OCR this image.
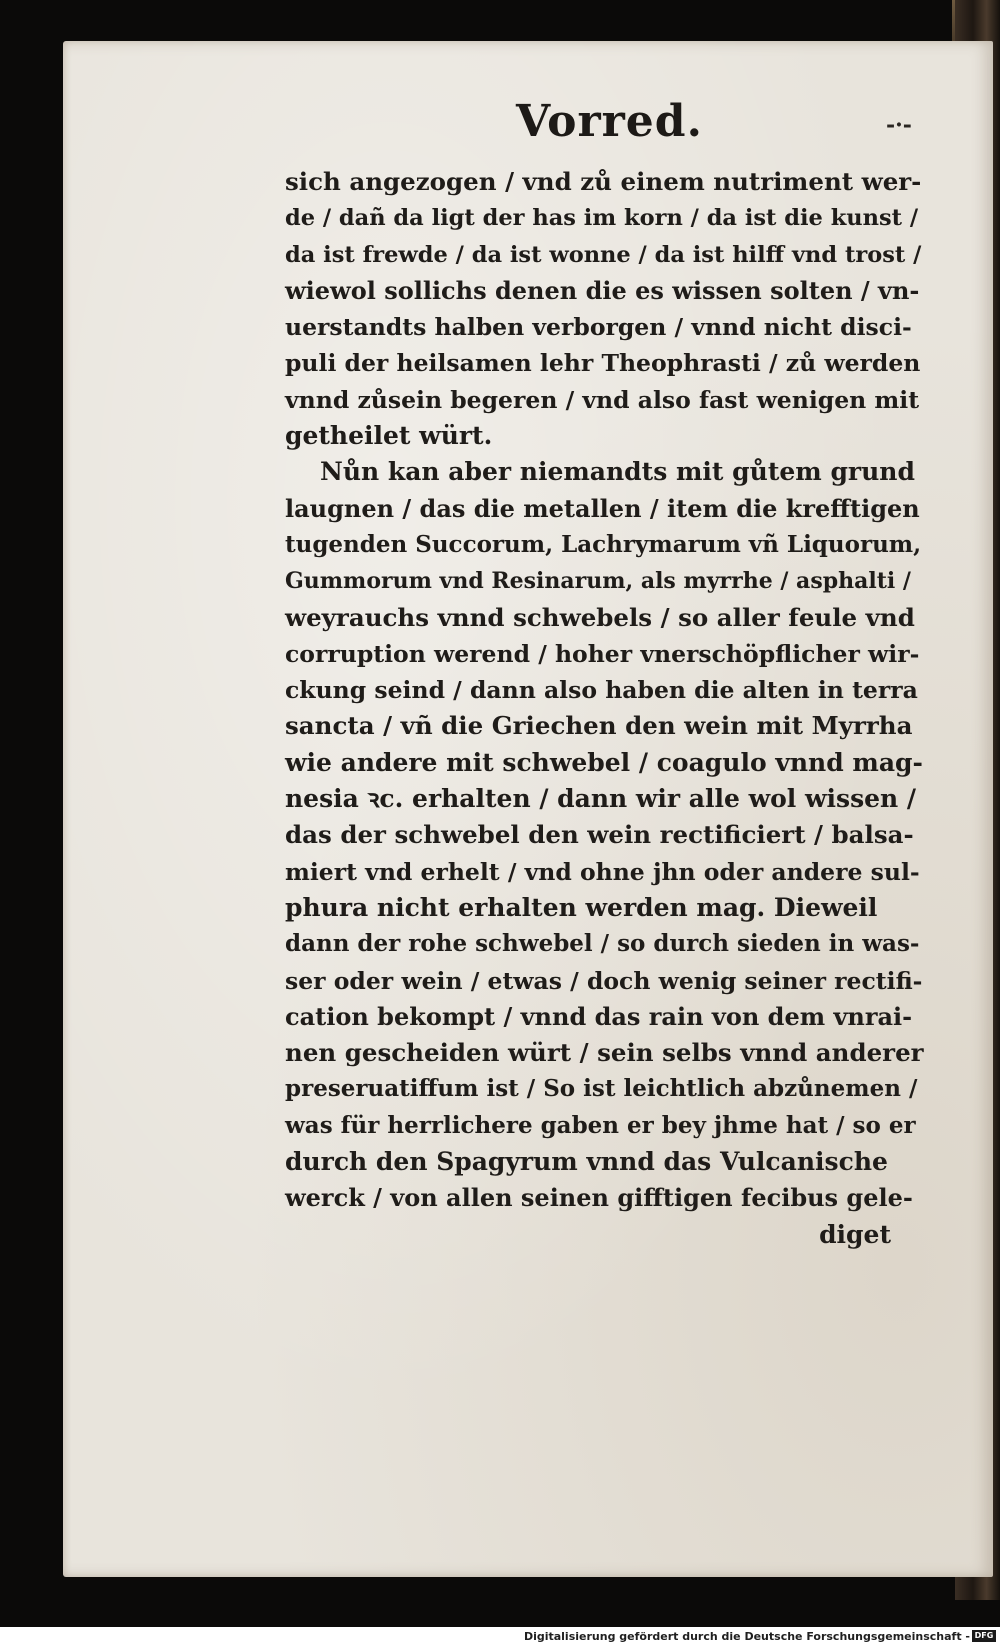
Vorred.	-·-
sich angezogen / vnd zů einem nutriment wer-
de / dañ da ligt der has im korn / da ist die kunst /
da ist frewde / da ist wonne / da ist hilff vnd trost /
wiewol sollichs denen die es wissen solten / vn-
uerstandts halben verborgen / vnnd nicht disci-
puli der heilsamen lehr Theophrasti / zů werden
vnnd zůsein begeren / vnd also fast wenigen mit
getheilet würt.
Nůn kan aber niemandts mit gůtem grund
laugnen / das die metallen / item die krefftigen
tugenden Succorum, Lachrymarum vñ Liquorum,
Gummorum vnd Resinarum, als myrrhe / asphalti /
weyrauchs vnnd schwebels / so aller feule vnd
corruption werend / hoher vnerschöpflicher wir-
ckung seind / dann also haben die alten in terra
sancta / vñ die Griechen den wein mit Myrrha
wie andere mit schwebel / coagulo vnnd mag-
nesia ꝛc. erhalten / dann wir alle wol wissen /
das der schwebel den wein rectificiert / balsa-
miert vnd erhelt / vnd ohne jhn oder andere sul-
phura nicht erhalten werden mag. Dieweil
dann der rohe schwebel / so durch sieden in was-
ser oder wein / etwas / doch wenig seiner rectifi-
cation bekompt / vnnd das rain von dem vnrai-
nen gescheiden würt / sein selbs vnnd anderer
preseruatiffum ist / So ist leichtlich abzůnemen /
was für herrlichere gaben er bey jhme hat / so er
durch den Spagyrum vnnd das Vulcanische
werck / von allen seinen gifftigen fecibus gele-
diget
Digitalisierung gefördert durch die Deutsche Forschungsgemeinschaft - DFG
